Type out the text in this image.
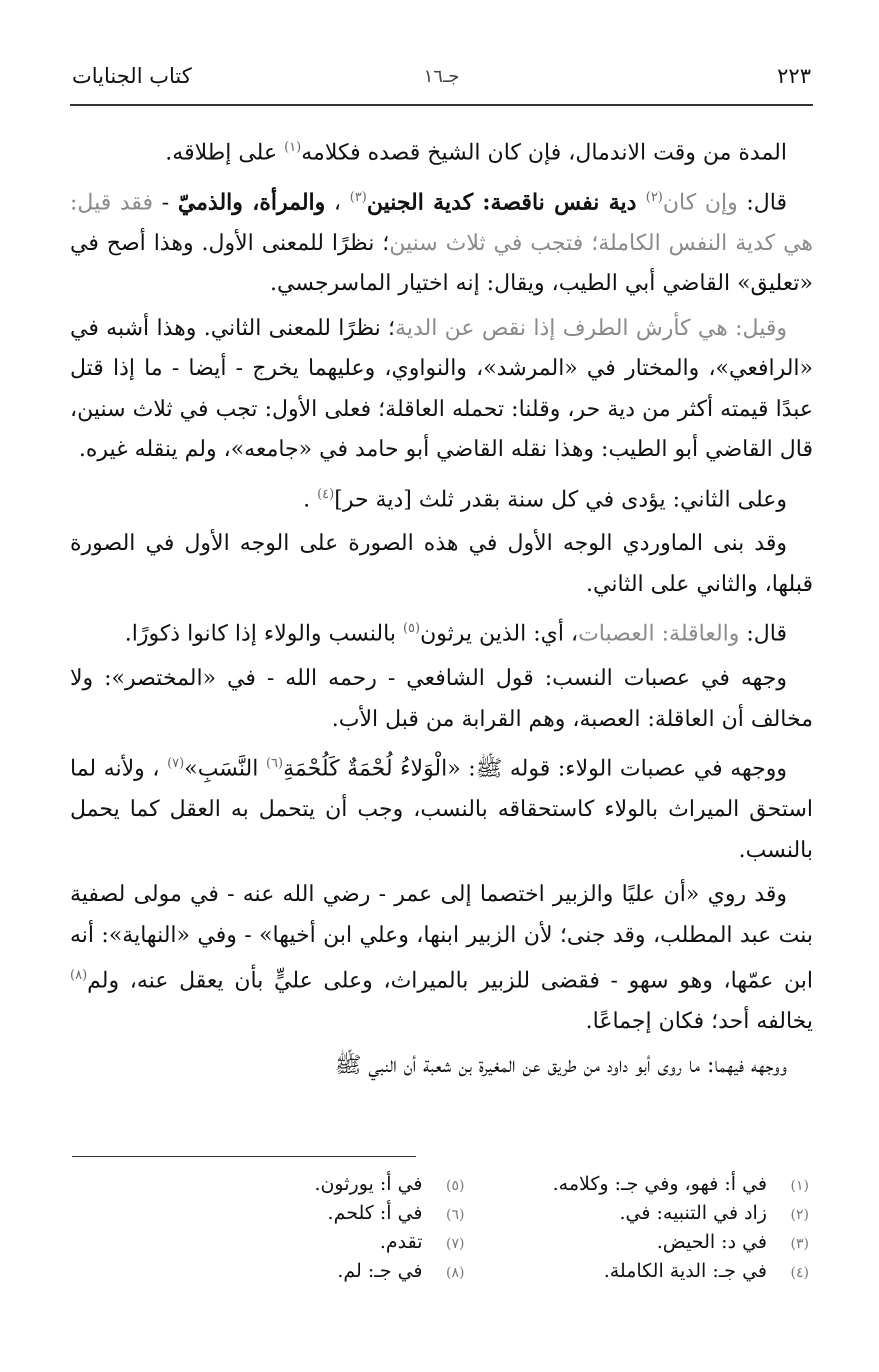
٢٢٣
جـ١٦
كتاب الجنايات

المدة من وقت الاندمال، فإن كان الشيخ قصده فكلامه$^{(١)}$ على إطلاقه.

قال: وإن كان$^{(٢)}$ دية نفس ناقصة: كدية الجنين$^{(٣)}$ ، والمرأة، والذميّ - فقد قيل: هي كدية النفس الكاملة؛ فتجب في ثلاث سنين؛ نظرًا للمعنى الأول. وهذا أصح في «تعليق» القاضي أبي الطيب، ويقال: إنه اختيار الماسرجسي.

وقيل: هي كأرش الطرف إذا نقص عن الدية؛ نظرًا للمعنى الثاني. وهذا أشبه في «الرافعي»، والمختار في «المرشد»، والنواوي، وعليهما يخرج - أيضا - ما إذا قتل عبدًا قيمته أكثر من دية حر، وقلنا: تحمله العاقلة؛ فعلى الأول: تجب في ثلاث سنين، قال القاضي أبو الطيب: وهذا نقله القاضي أبو حامد في «جامعه»، ولم ينقله غيره.

وعلى الثاني: يؤدى في كل سنة بقدر ثلث [دية حر]$^{(٤)}$ .

وقد بنى الماوردي الوجه الأول في هذه الصورة على الوجه الأول في الصورة قبلها، والثاني على الثاني.

قال: والعاقلة: العصبات، أي: الذين يرثون$^{(٥)}$ بالنسب والولاء إذا كانوا ذكورًا.

وجهه في عصبات النسب: قول الشافعي - رحمه الله - في «المختصر»: ولا مخالف أن العاقلة: العصبة، وهم القرابة من قبل الأب.

ووجهه في عصبات الولاء: قوله ﷺ: «الْوَلاءُ لُحْمَةٌ كَلُحْمَةِ$^{(٦)}$ النَّسَبِ»$^{(٧)}$ ، ولأنه لما استحق الميراث بالولاء كاستحقاقه بالنسب، وجب أن يتحمل به العقل كما يحمل بالنسب.

وقد روي «أن عليًا والزبير اختصما إلى عمر - رضي الله عنه - في مولى لصفية بنت عبد المطلب، وقد جنى؛ لأن الزبير ابنها، وعلي ابن أخيها» - وفي «النهاية»: أنه ابن عمّها، وهو سهو - فقضى للزبير بالميراث، وعلى عليٍّ بأن يعقل عنه، ولم$^{(٨)}$ يخالفه أحد؛ فكان إجماعًا.

ووجهه فيهما: ما روى أبو داود من طريق عن المغيرة بن شعبة أن النبي ﷺ

(١)في أ: فهو، وفي جـ: وكلامه.
(٢)زاد في التنبيه: في.
(٣)في د: الحيض.
(٤)في جـ: الدية الكاملة.
(٥)في أ: يورثون.
(٦)في أ: كلحم.
(٧)تقدم.
(٨)في جـ: لم.
